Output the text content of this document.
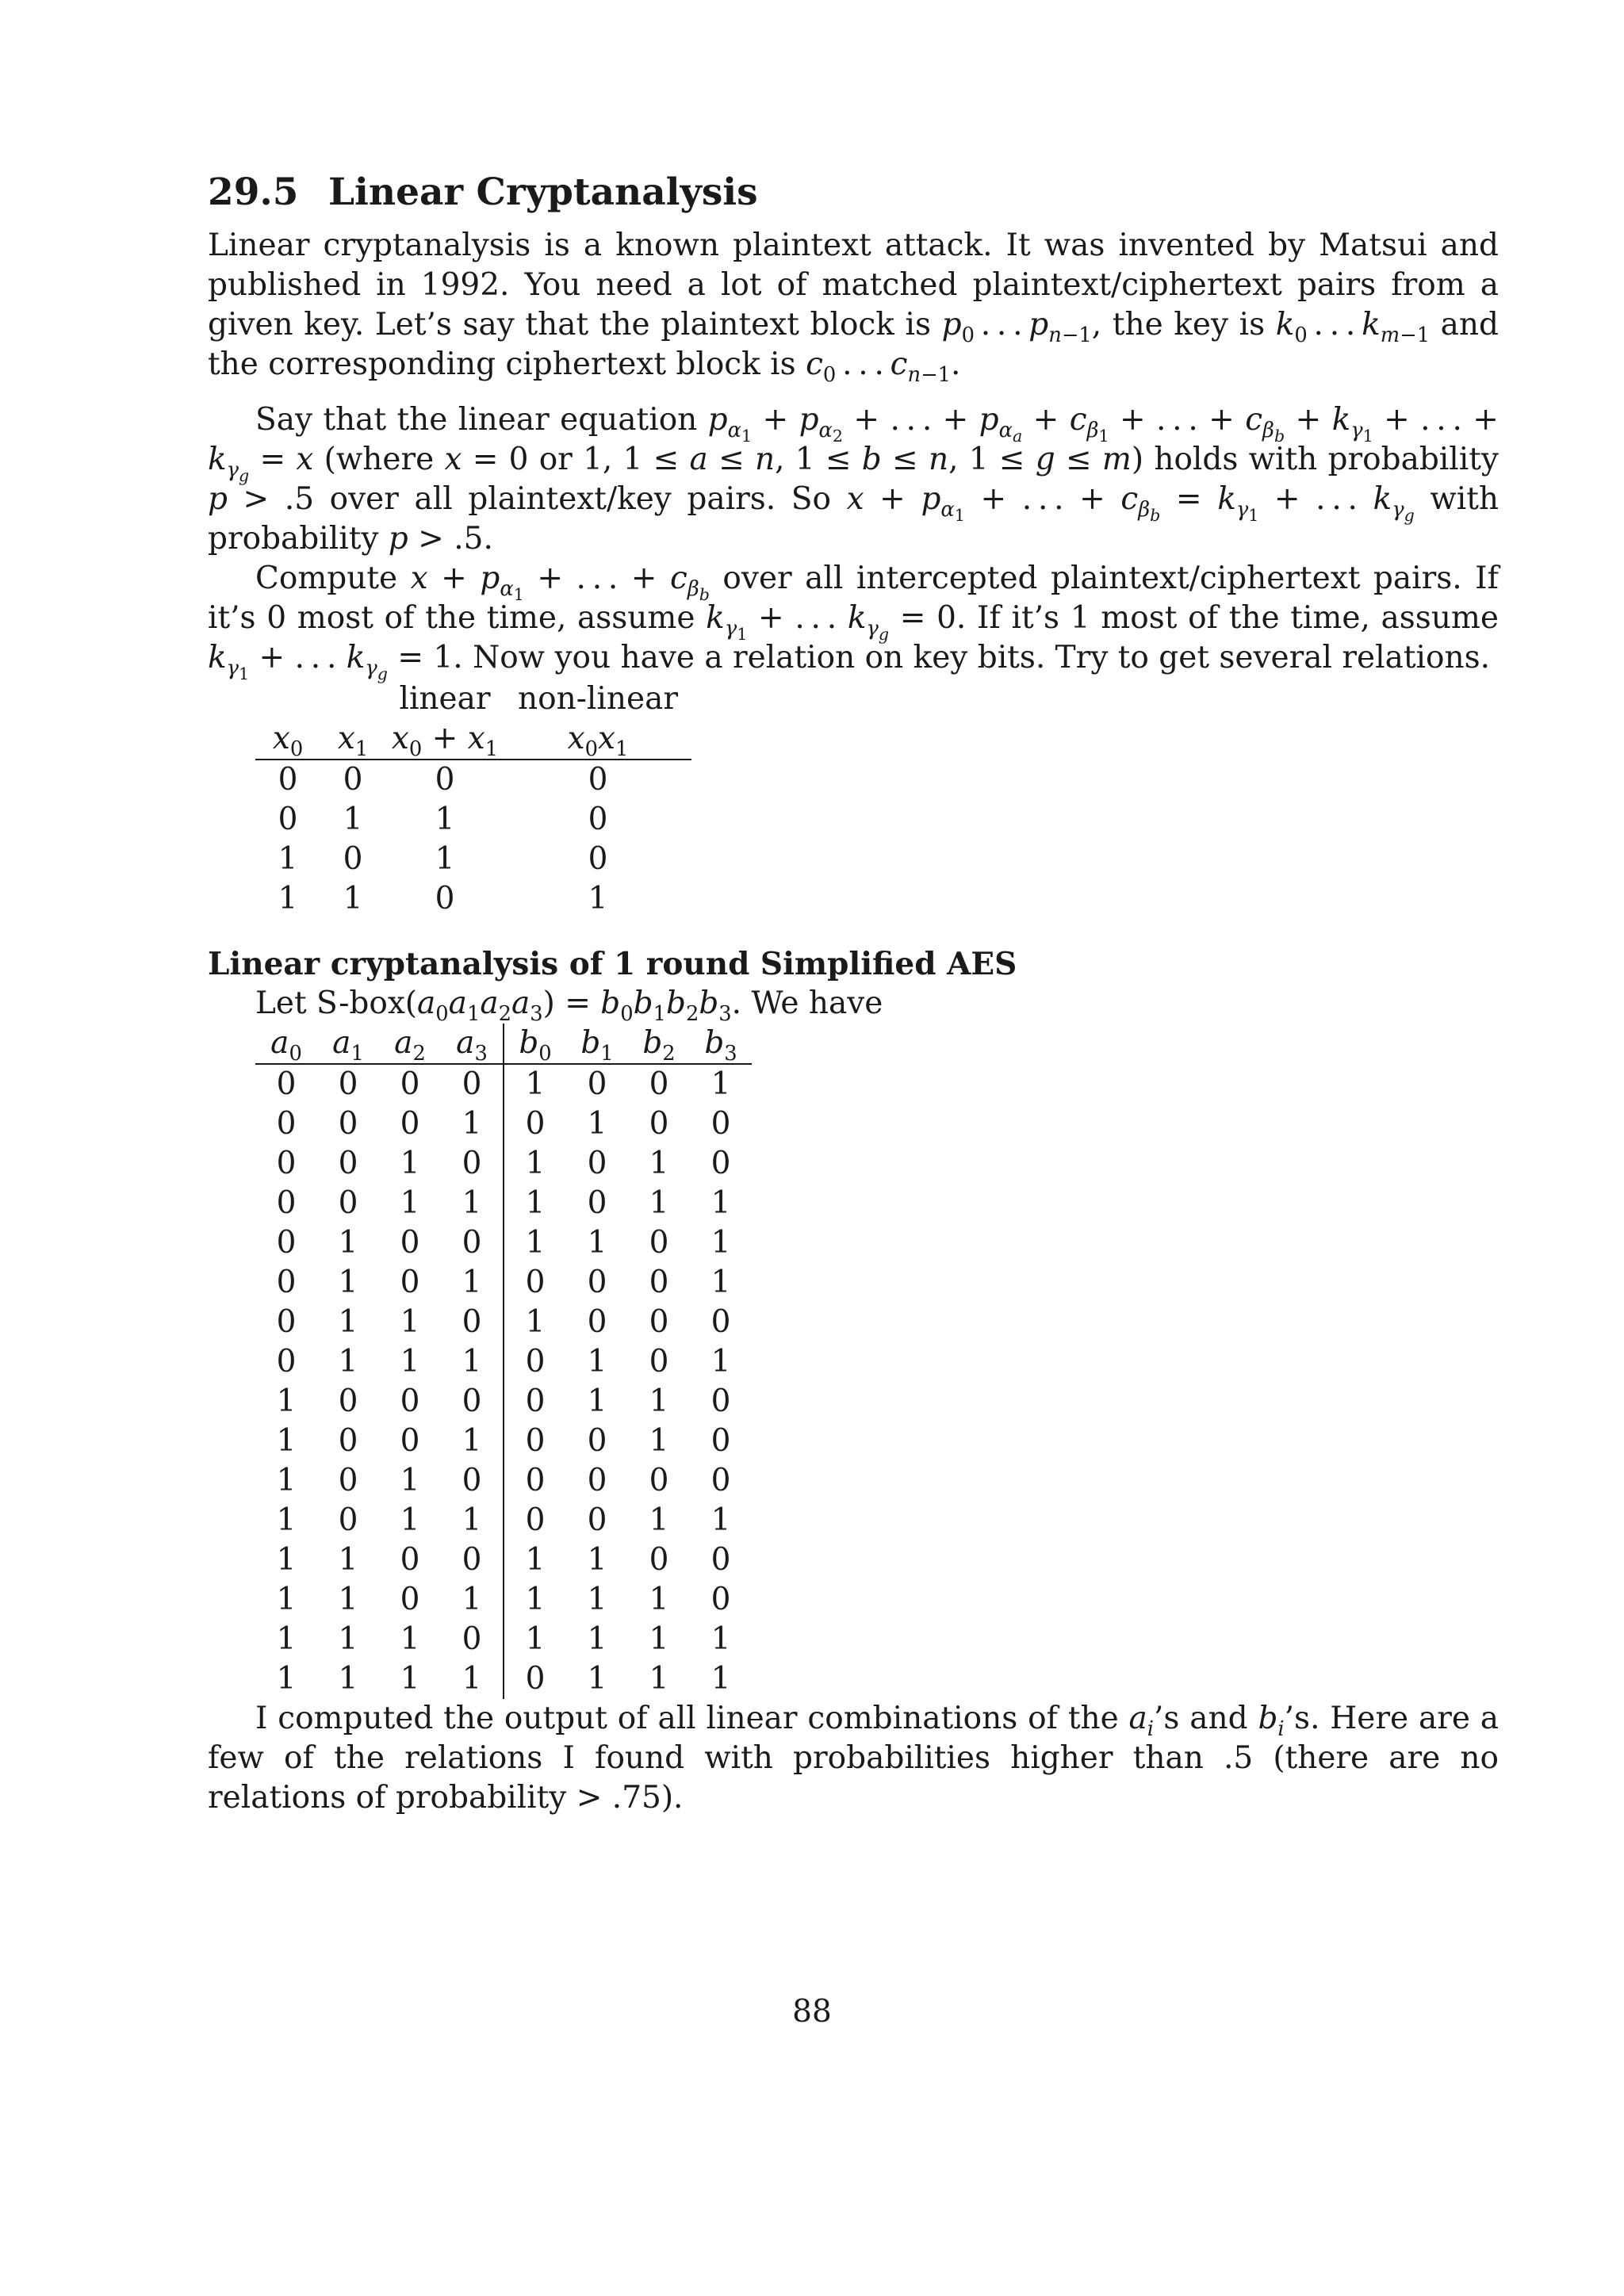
29.5 Linear Cryptanalysis

Linear cryptanalysis is a known plaintext attack. It was invented by Matsui and published in 1992. You need a lot of matched plaintext/ciphertext pairs from a given key. Let’s say that the plaintext block is $p_0$ . . . $p_{n-1}$, the key is $k_0$ . . . $k_{m-1}$ and the corresponding ciphertext block is $c_0$ . . . $c_{n-1}$.

Say that the linear equation $p_{\alpha_1} + p_{\alpha_2}$ + . . . + $p_{\alpha_a} + c_{\beta_1}$ + . . . + $c_{\beta_b} + k_{\gamma_1}$ + . . . + $k_{\gamma_g} = x$ (where x = 0 or 1, 1 ≤ a ≤ n, 1 ≤ b ≤ n, 1 ≤ g ≤ m) holds with probability p > .5 over all plaintext/key pairs. So $x + p_{\alpha_1}$ + . . . + $c_{\beta_b} = k_{\gamma_1}$ + . . . $k_{\gamma_g}$ with probability p > .5.

Compute $x + p_{\alpha_1}$ + . . . + $c_{\beta_b}$ over all intercepted plaintext/ciphertext pairs. If it’s 0 most of the time, assume $k_{\gamma_1}$ + . . . $k_{\gamma_g} = 0$. If it’s 1 most of the time, assume $k_{\gamma_1}$ + . . . $k_{\gamma_g} = 1$. Now you have a relation on key bits. Try to get several relations.

		linear	non-linear
$x_0$	$x_1$	$x_0 + x_1$	$x_0x_1$
0	0	0	0
0	1	1	0
1	0	1	0
1	1	0	1
Linear cryptanalysis of 1 round Simplified AES

Let $S-box(a_0a_1a_2a_3) = b_0b_1b_2b_3$. We have

$a_0$	$a_1$	$a_2$	$a_3$	$b_0$	$b_1$	$b_2$	$b_3$
0	0	0	0	1	0	0	1
0	0	0	1	0	1	0	0
0	0	1	0	1	0	1	0
0	0	1	1	1	0	1	1
0	1	0	0	1	1	0	1
0	1	0	1	0	0	0	1
0	1	1	0	1	0	0	0
0	1	1	1	0	1	0	1
1	0	0	0	0	1	1	0
1	0	0	1	0	0	1	0
1	0	1	0	0	0	0	0
1	0	1	1	0	0	1	1
1	1	0	0	1	1	0	0
1	1	0	1	1	1	1	0
1	1	1	0	1	1	1	1
1	1	1	1	0	1	1	1

I computed the output of all linear combinations of the $a_i’s$ and $b_i’s$. Here are a few of the relations I found with probabilities higher than .5 (there are no relations of probability > .75).

88
